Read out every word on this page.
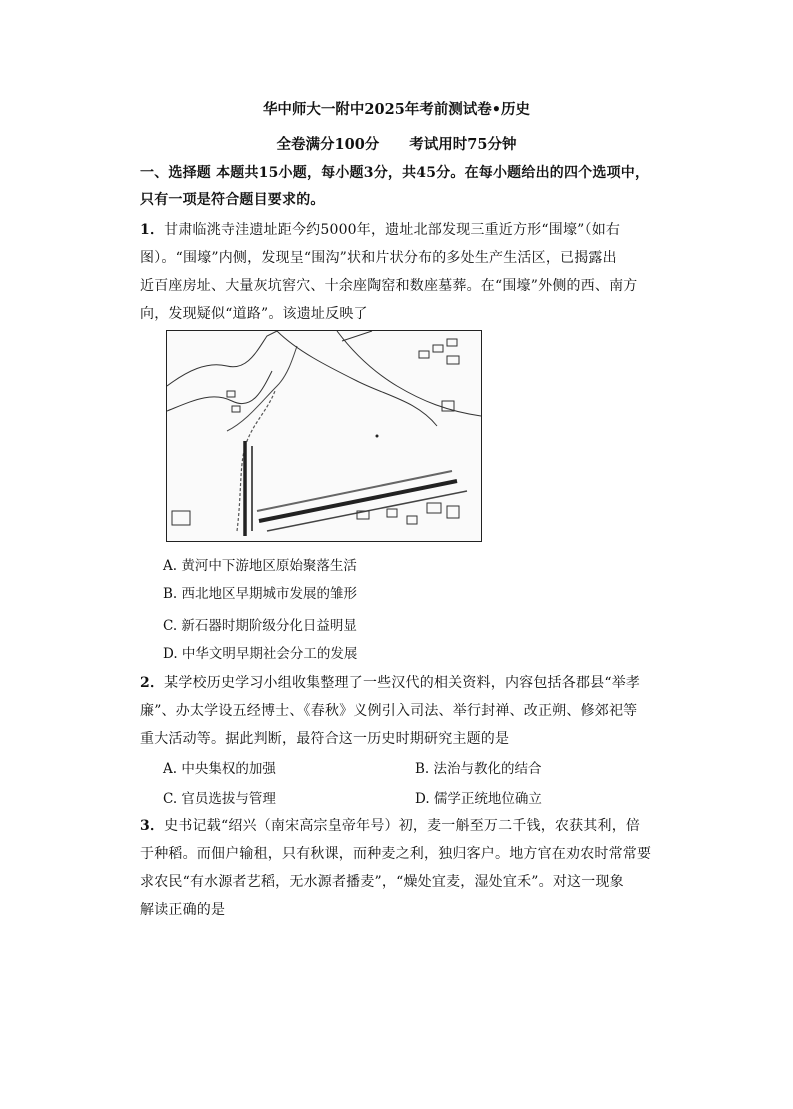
华中师大一附中2025年考前测试卷•历史
全卷满分100分 考试用时75分钟
一、选择题 本题共15小题，每小题3分，共45分。在每小题给出的四个选项中，
只有一项是符合题目要求的。
1．甘肃临洮寺洼遗址距今约5000年，遗址北部发现三重近方形“围壕”（如右
图）。“围壕”内侧，发现呈“围沟”状和片状分布的多处生产生活区，已揭露出
近百座房址、大量灰坑窖穴、十余座陶窑和数座墓葬。在“围壕”外侧的西、南方
向，发现疑似“道路”。该遗址反映了
A. 黄河中下游地区原始聚落生活
B. 西北地区早期城市发展的雏形
C. 新石器时期阶级分化日益明显
D. 中华文明早期社会分工的发展
2．某学校历史学习小组收集整理了一些汉代的相关资料，内容包括各郡县“举孝
廉”、办太学设五经博士、《春秋》义例引入司法、举行封禅、改正朔、修郊祀等
重大活动等。据此判断，最符合这一历史时期研究主题的是
A. 中央集权的加强	B. 法治与教化的结合
C. 官员选拔与管理	D. 儒学正统地位确立
3．史书记载“绍兴（南宋高宗皇帝年号）初，麦一斛至万二千钱，农获其利，倍
于种稻。而佃户输租，只有秋课，而种麦之利，独归客户。地方官在劝农时常常要
求农民“有水源者艺稻，无水源者播麦”，“燥处宜麦，湿处宜禾”。对这一现象
解读正确的是
